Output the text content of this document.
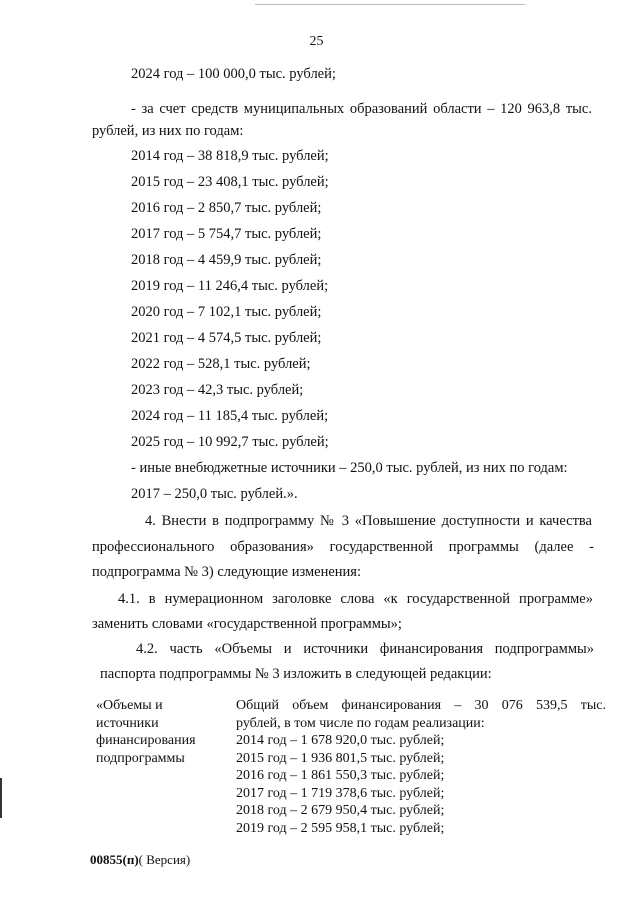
25
2024 год – 100 000,0 тыс. рублей;
- за счет средств муниципальных образований области – 120 963,8 тыс.
рублей, из них по годам:
2014 год – 38 818,9 тыс. рублей;
2015 год – 23 408,1 тыс. рублей;
2016 год – 2 850,7 тыс. рублей;
2017 год – 5 754,7 тыс. рублей;
2018 год – 4 459,9 тыс. рублей;
2019 год – 11 246,4 тыс. рублей;
2020 год – 7 102,1 тыс. рублей;
2021 год – 4 574,5 тыс. рублей;
2022 год – 528,1 тыс. рублей;
2023 год – 42,3 тыс. рублей;
2024 год – 11 185,4 тыс. рублей;
2025 год – 10 992,7 тыс. рублей;
- иные внебюджетные источники – 250,0 тыс. рублей, из них по годам:
2017 – 250,0 тыс. рублей.».
4. Внести в подпрограмму № 3 «Повышение доступности и качества
профессионального образования» государственной программы (далее -
подпрограмма № 3) следующие изменения:
4.1. в нумерационном заголовке слова «к государственной программе»
заменить словами «государственной программы»;
4.2. часть «Объемы и источники финансирования подпрограммы»
паспорта подпрограммы № 3 изложить в следующей редакции:
«Объемы и
источники
финансирования
подпрограммы
Общий объем финансирования – 30 076 539,5 тыс.
рублей, в том числе по годам реализации:
2014 год – 1 678 920,0 тыс. рублей;
2015 год – 1 936 801,5 тыс. рублей;
2016 год – 1 861 550,3 тыс. рублей;
2017 год – 1 719 378,6 тыс. рублей;
2018 год – 2 679 950,4 тыс. рублей;
2019 год – 2 595 958,1 тыс. рублей;
00855(п)( Версия)
